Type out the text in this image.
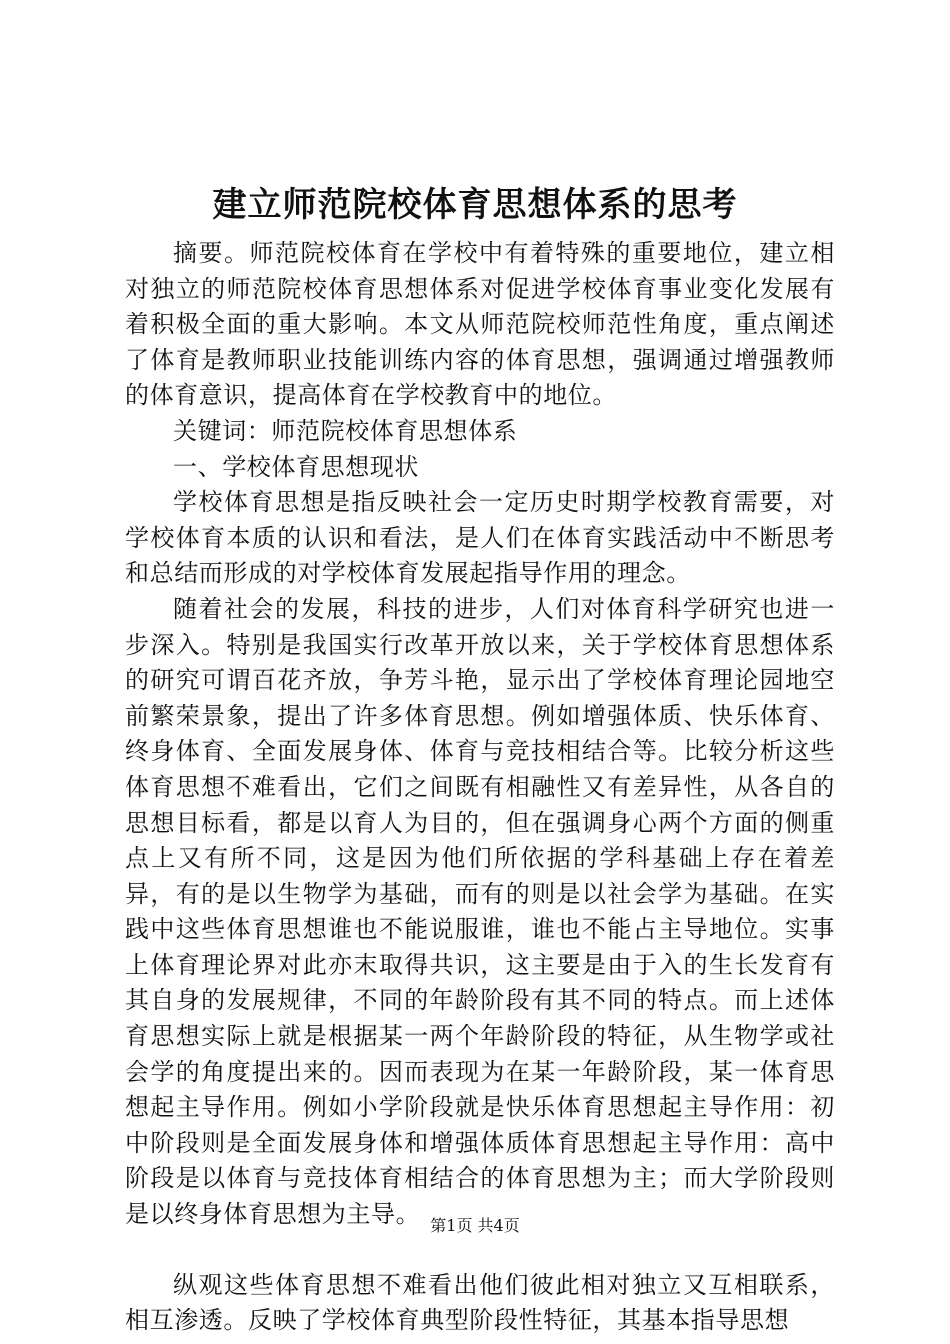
建立师范院校体育思想体系的思考

摘要。师范院校体育在学校中有着特殊的重要地位，建立相对独立的师范院校体育思想体系对促进学校体育事业变化发展有着积极全面的重大影响。本文从师范院校师范性角度，重点阐述了体育是教师职业技能训练内容的体育思想，强调通过增强教师的体育意识，提高体育在学校教育中的地位。

关键词：师范院校体育思想体系

一、学校体育思想现状

学校体育思想是指反映社会一定历史时期学校教育需要，对学校体育本质的认识和看法，是人们在体育实践活动中不断思考和总结而形成的对学校体育发展起指导作用的理念。

随着社会的发展，科技的进步，人们对体育科学研究也进一步深入。特别是我国实行改革开放以来，关于学校体育思想体系的研究可谓百花齐放，争芳斗艳，显示出了学校体育理论园地空前繁荣景象，提出了许多体育思想。例如增强体质、快乐体育、终身体育、全面发展身体、体育与竞技相结合等。比较分析这些体育思想不难看出，它们之间既有相融性又有差异性，从各自的思想目标看，都是以育人为目的，但在强调身心两个方面的侧重点上又有所不同，这是因为他们所依据的学科基础上存在着差异，有的是以生物学为基础，而有的则是以社会学为基础。在实践中这些体育思想谁也不能说服谁，谁也不能占主导地位。实事上体育理论界对此亦末取得共识，这主要是由于入的生长发育有其自身的发展规律，不同的年龄阶段有其不同的特点。而上述体育思想实际上就是根据某一两个年龄阶段的特征，从生物学或社会学的角度提出来的。因而表现为在某一年龄阶段，某一体育思想起主导作用。例如小学阶段就是快乐体育思想起主导作用：初中阶段则是全面发展身体和增强体质体育思想起主导作用：高中阶段是以体育与竞技体育相结合的体育思想为主；而大学阶段则是以终身体育思想为主导。

纵观这些体育思想不难看出他们彼此相对独立又互相联系，相互渗透。反映了学校体育典型阶段性特征，其基本指导思想

第1页 共4页
